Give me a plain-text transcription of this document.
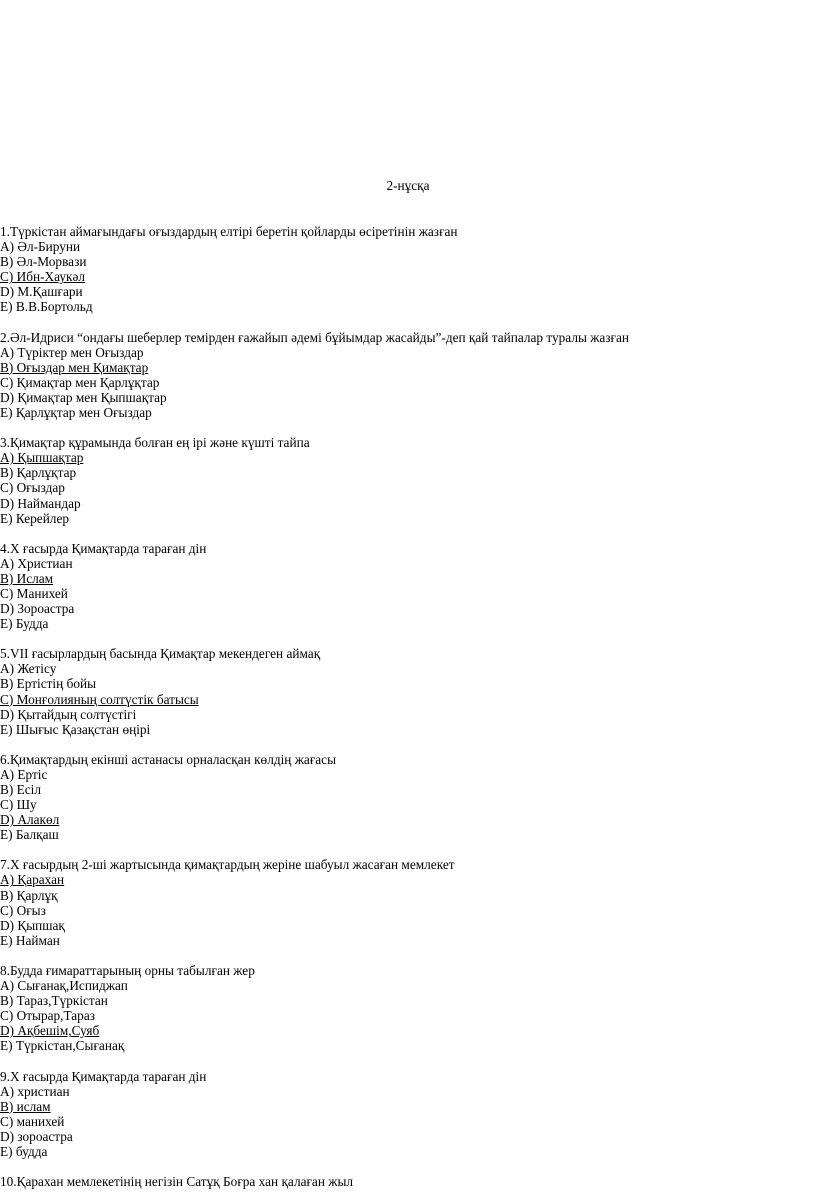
2-нұсқа
1.Түркістан аймағындағы оғыздардың елтірі беретін қойларды өсіретінін жазған
A) Әл-Бируни
B) Әл-Морвази
C) Ибн-Хаукәл
D) М.Қашғари
E) В.В.Бортольд
2.Әл-Идриси “ондағы шеберлер темірден ғажайып әдемі бұйымдар жасайды”-деп қай тайпалар туралы жазған
A) Түріктер мен Оғыздар
B) Оғыздар мен Қимақтар
C) Қимақтар мен Қарлұқтар
D) Қимақтар мен Қыпшақтар
E) Қарлұқтар мен Оғыздар
3.Қимақтар құрамында болған ең ірі және күшті тайпа
A) Қыпшақтар
B) Қарлұқтар
C) Оғыздар
D) Наймандар
E) Керейлер
4.Х ғасырда Қимақтарда тараған дін
A) Христиан
B) Ислам
C) Манихей
D) Зороастра
E) Будда
5.VII ғасырлардың басында Қимақтар мекендеген аймақ
A) Жетісу
B) Ертістің бойы
C) Монғолияның солтүстік батысы
D) Қытайдың солтүстігі
E) Шығыс Қазақстан өңірі
6.Қимақтардың екінші астанасы орналасқан көлдің жағасы
A) Ертіс
B) Есіл
C) Шу
D) Алакөл
E) Балқаш
7.Х ғасырдың 2-ші жартысында қимақтардың жеріне шабуыл жасаған мемлекет
A) Қарахан
B) Қарлұқ
C) Оғыз
D) Қыпшақ
E) Найман
8.Будда ғимараттарының орны табылған жер
A) Сығанақ,Испиджап
B) Тараз,Түркістан
C) Отырар,Тараз
D) Ақбешім,Суяб
E) Түркістан,Сығанақ
9.Х ғасырда Қимақтарда тараған дін
A) христиан
B) ислам
C) манихей
D) зороастра
E) будда
10.Қарахан мемлекетінің негізін Сатұқ Боғра хан қалаған жыл
